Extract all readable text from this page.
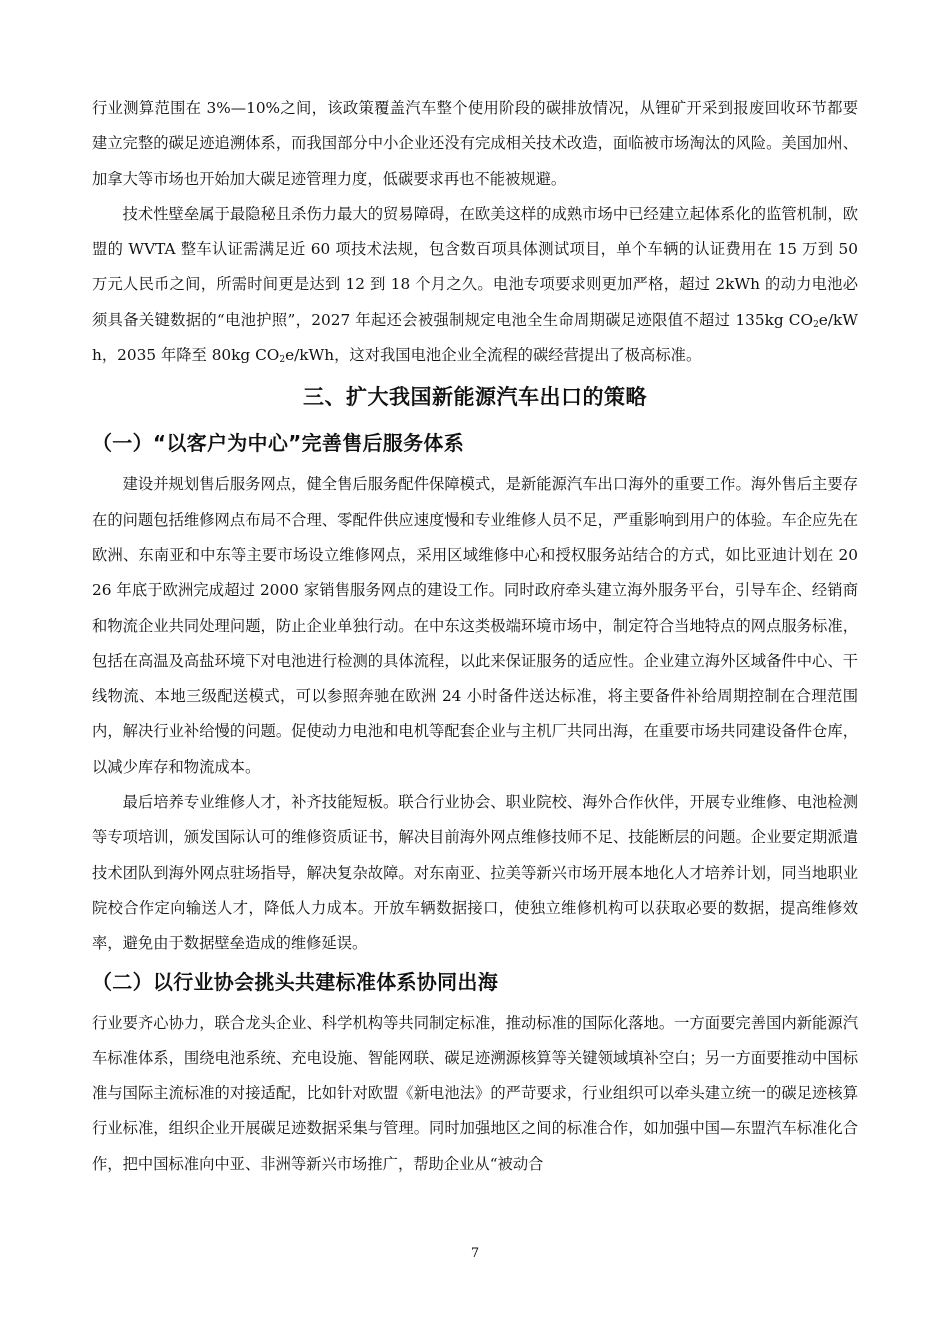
行业测算范围在 3%—10%之间，该政策覆盖汽车整个使用阶段的碳排放情况，从锂矿开采到报废回收环节都要建立完整的碳足迹追溯体系，而我国部分中小企业还没有完成相关技术改造，面临被市场淘汰的风险。美国加州、加拿大等市场也开始加大碳足迹管理力度，低碳要求再也不能被规避。

技术性壁垒属于最隐秘且杀伤力最大的贸易障碍，在欧美这样的成熟市场中已经建立起体系化的监管机制，欧盟的 WVTA 整车认证需满足近 60 项技术法规，包含数百项具体测试项目，单个车辆的认证费用在 15 万到 50 万元人民币之间，所需时间更是达到 12 到 18 个月之久。电池专项要求则更加严格，超过 2kWh 的动力电池必须具备关键数据的“电池护照”，2027 年起还会被强制规定电池全生命周期碳足迹限值不超过 135kg $CO_2e$/kWh，2035 年降至 80kg $CO_2e$/kWh，这对我国电池企业全流程的碳经营提出了极高标准。

三、扩大我国新能源汽车出口的策略
（一）“以客户为中心”完善售后服务体系

建设并规划售后服务网点，健全售后服务配件保障模式，是新能源汽车出口海外的重要工作。海外售后主要存在的问题包括维修网点布局不合理、零配件供应速度慢和专业维修人员不足，严重影响到用户的体验。车企应先在欧洲、东南亚和中东等主要市场设立维修网点，采用区域维修中心和授权服务站结合的方式，如比亚迪计划在 2026 年底于欧洲完成超过 2000 家销售服务网点的建设工作。同时政府牵头建立海外服务平台，引导车企、经销商和物流企业共同处理问题，防止企业单独行动。在中东这类极端环境市场中，制定符合当地特点的网点服务标准，包括在高温及高盐环境下对电池进行检测的具体流程，以此来保证服务的适应性。企业建立海外区域备件中心、干线物流、本地三级配送模式，可以参照奔驰在欧洲 24 小时备件送达标准，将主要备件补给周期控制在合理范围内，解决行业补给慢的问题。促使动力电池和电机等配套企业与主机厂共同出海，在重要市场共同建设备件仓库，以减少库存和物流成本。

最后培养专业维修人才，补齐技能短板。联合行业协会、职业院校、海外合作伙伴，开展专业维修、电池检测等专项培训，颁发国际认可的维修资质证书，解决目前海外网点维修技师不足、技能断层的问题。企业要定期派遣技术团队到海外网点驻场指导，解决复杂故障。对东南亚、拉美等新兴市场开展本地化人才培养计划，同当地职业院校合作定向输送人才，降低人力成本。开放车辆数据接口，使独立维修机构可以获取必要的数据，提高维修效率，避免由于数据壁垒造成的维修延误。

（二）以行业协会挑头共建标准体系协同出海

行业要齐心协力，联合龙头企业、科学机构等共同制定标准，推动标准的国际化落地。一方面要完善国内新能源汽车标准体系，围绕电池系统、充电设施、智能网联、碳足迹溯源核算等关键领域填补空白；另一方面要推动中国标准与国际主流标准的对接适配，比如针对欧盟《新电池法》的严苛要求，行业组织可以牵头建立统一的碳足迹核算行业标准，组织企业开展碳足迹数据采集与管理。同时加强地区之间的标准合作，如加强中国—东盟汽车标准化合作，把中国标准向中亚、非洲等新兴市场推广，帮助企业从“被动合

7
